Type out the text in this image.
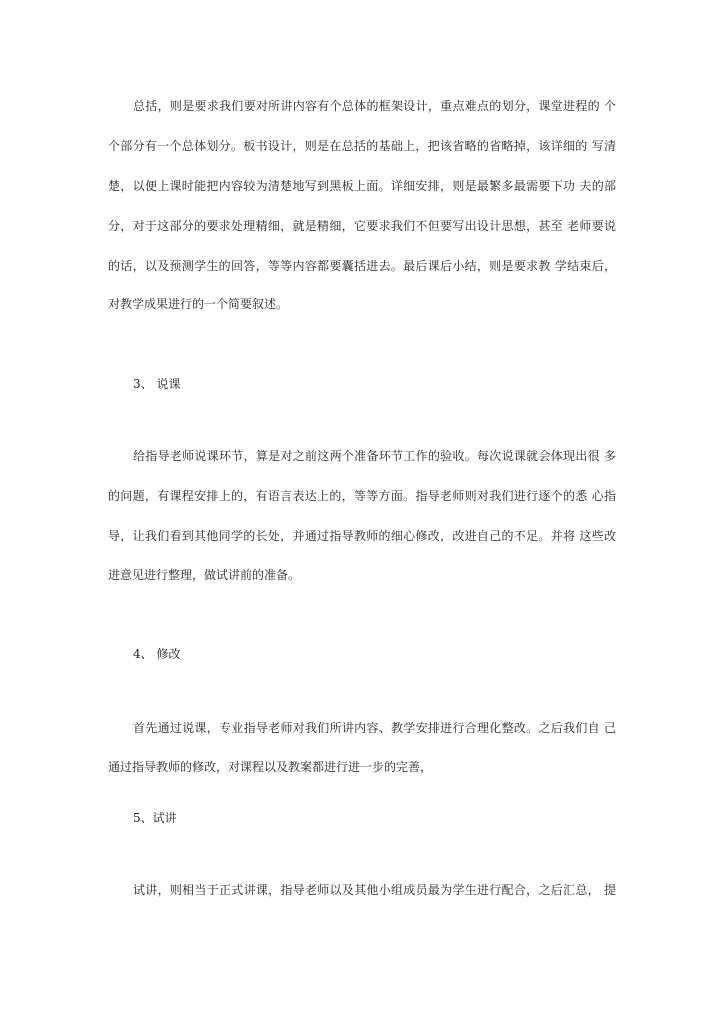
总括，则是要求我们要对所讲内容有个总体的框架设计，重点难点的划分，课堂进程的 个
个部分有一个总体划分。板书设计，则是在总括的基础上，把该省略的省略掉，该详细的 写清
楚，以便上课时能把内容较为清楚地写到黑板上面。详细安排，则是最繁多最需要下功 夫的部
分，对于这部分的要求处理精细，就是精细，它要求我们不但要写出设计思想，甚至 老师要说
的话，以及预测学生的回答，等等内容都要囊括进去。最后课后小结，则是要求教 学结束后，
对教学成果进行的一个简要叙述。
3、 说课
给指导老师说课环节，算是对之前这两个准备环节工作的验收。每次说课就会体现出很 多
的问题，有课程安排上的，有语言表达上的，等等方面。指导老师则对我们进行逐个的悉 心指
导，让我们看到其他同学的长处，并通过指导教师的细心修改，改进自己的不足。并将 这些改
进意见进行整理，做试讲前的准备。
4、 修改
首先通过说课，专业指导老师对我们所讲内容、教学安排进行合理化整改。之后我们自 己
通过指导教师的修改，对课程以及教案都进行进一步的完善，
5、试讲
试讲，则相当于正式讲课，指导老师以及其他小组成员最为学生进行配合，之后汇总， 提
